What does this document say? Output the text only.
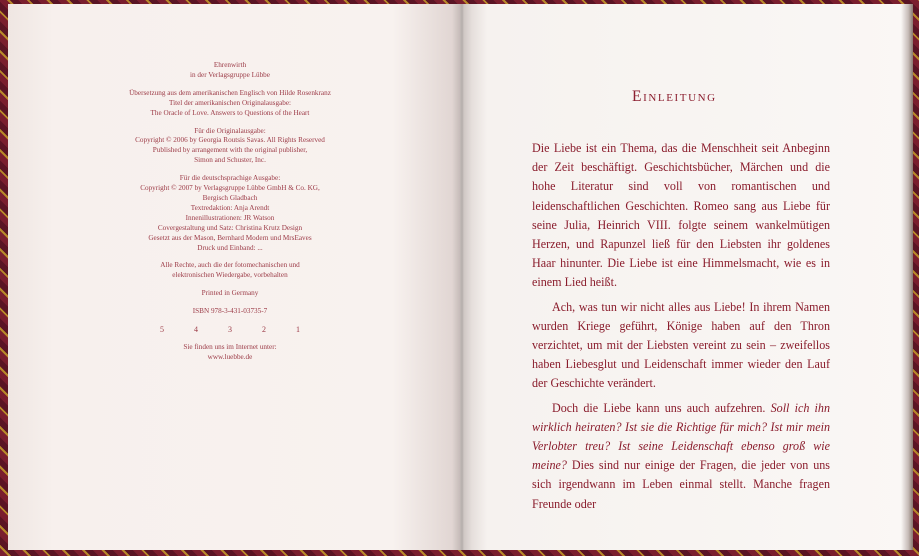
Ehrenwirth
in der Verlagsgruppe Lübbe
Übersetzung aus dem amerikanischen Englisch von Hilde Rosenkranz
Titel der amerikanischen Originalausgabe:
The Oracle of Love. Answers to Questions of the Heart
Für die Originalausgabe:
Copyright © 2006 by Georgia Routsis Savas. All Rights Reserved
Published by arrangement with the original publisher,
Simon and Schuster, Inc.
Für die deutschsprachige Ausgabe:
Copyright © 2007 by Verlagsgruppe Lübbe GmbH & Co. KG,
Bergisch Gladbach
Textredaktion: Anja Arendt
Innenillustrationen: JR Watson
Covergestaltung und Satz: Christina Krutz Design
Gesetzt aus der Mason, Bernhard Modern und MrsEaves
Druck und Einband: ...
Alle Rechte, auch die der fotomechanischen und
elektronischen Wiedergabe, vorbehalten
Printed in Germany
ISBN 978-3-431-03735-7
5 4 3 2 1
Sie finden uns im Internet unter:
www.luebbe.de
Einleitung

Die Liebe ist ein Thema, das die Menschheit seit Anbeginn der Zeit beschäftigt. Geschichtsbücher, Märchen und die hohe Literatur sind voll von romantischen und leidenschaftlichen Geschichten. Romeo sang aus Liebe für seine Julia, Heinrich VIII. folgte seinem wankelmütigen Herzen, und Rapunzel ließ für den Liebsten ihr goldenes Haar hinunter. Die Liebe ist eine Himmelsmacht, wie es in einem Lied heißt.

Ach, was tun wir nicht alles aus Liebe! In ihrem Namen wurden Kriege geführt, Könige haben auf den Thron verzichtet, um mit der Liebsten vereint zu sein – zweifellos haben Liebesglut und Leidenschaft immer wieder den Lauf der Geschichte verändert.

Doch die Liebe kann uns auch aufzehren. Soll ich ihn wirklich heiraten? Ist sie die Richtige für mich? Ist mir mein Verlobter treu? Ist seine Leidenschaft ebenso groß wie meine? Dies sind nur einige der Fragen, die jeder von uns sich irgendwann im Leben einmal stellt. Manche fragen Freunde oder
